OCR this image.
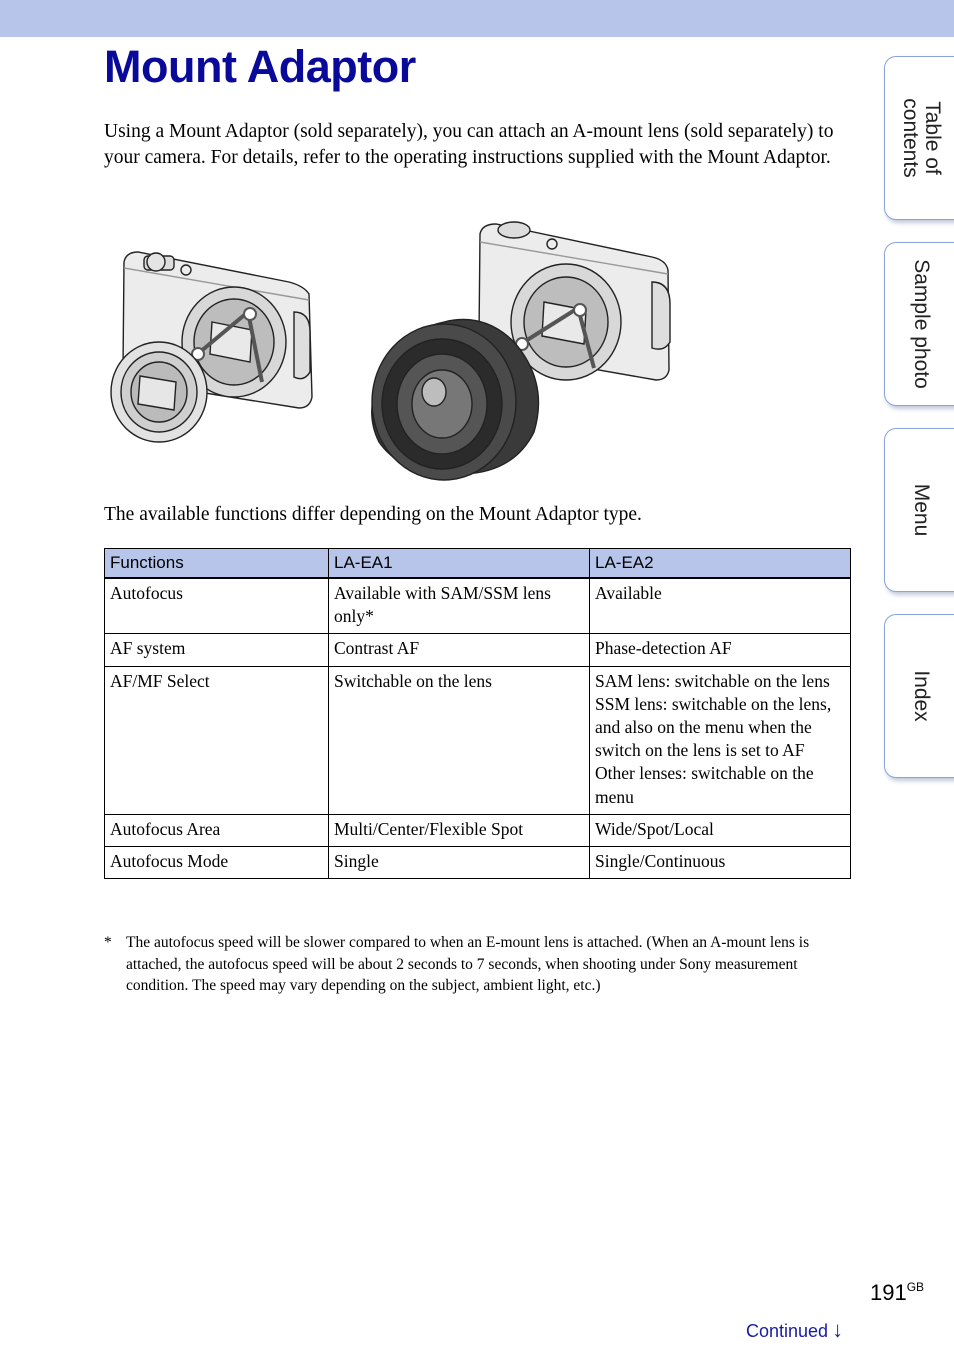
Mount Adaptor

Using a Mount Adaptor (sold separately), you can attach an A-mount lens (sold separately) to your camera. For details, refer to the operating instructions supplied with the Mount Adaptor.

The available functions differ depending on the Mount Adaptor type.

Functions	LA-EA1	LA-EA2
Autofocus	Available with SAM/SSM lens only*	Available

AF system	Contrast AF	Phase-detection AF

AF/MF Select	Switchable on the lens	SAM lens: switchable on the lens
SSM lens: switchable on the lens, and also on the menu when the switch on the lens is set to AF
Other lenses: switchable on the menu

Autofocus Area	Multi/Center/Flexible Spot	Wide/Spot/Local

Autofocus Mode	Single	Single/Continuous
* The autofocus speed will be slower compared to when an E-mount lens is attached. (When an A-mount lens is attached, the autofocus speed will be about 2 seconds to 7 seconds, when shooting under Sony measurement condition. The speed may vary depending on the subject, ambient light, etc.)
Table of
contents
Sample photo
Menu
Index
$191^{GB}$
Continued ↓
